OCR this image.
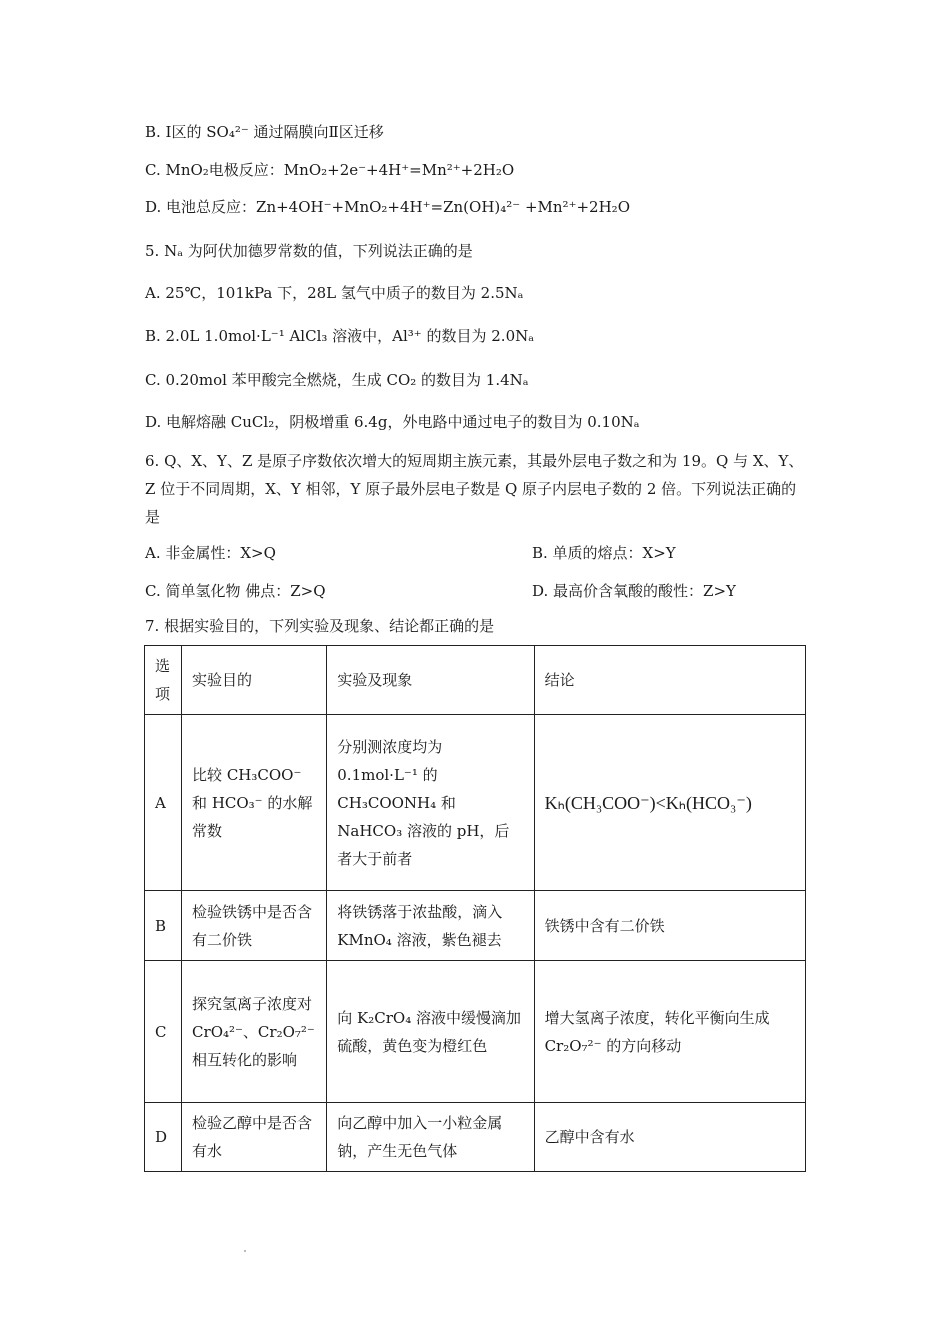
B. Ⅰ区的 SO₄²⁻ 通过隔膜向Ⅱ区迁移
C. MnO₂电极反应：MnO₂+2e⁻+4H⁺=Mn²⁺+2H₂O
D. 电池总反应：Zn+4OH⁻+MnO₂+4H⁺=Zn(OH)₄²⁻ +Mn²⁺+2H₂O
5. Nₐ 为阿伏加德罗常数的值，下列说法正确的是
A. 25℃，101kPa 下，28L 氢气中质子的数目为 2.5Nₐ
B. 2.0L 1.0mol·L⁻¹ AlCl₃ 溶液中，Al³⁺ 的数目为 2.0Nₐ
C. 0.20mol 苯甲酸完全燃烧，生成 CO₂ 的数目为 1.4Nₐ
D. 电解熔融 CuCl₂，阴极增重 6.4g，外电路中通过电子的数目为 0.10Nₐ
6. Q、X、Y、Z 是原子序数依次增大的短周期主族元素，其最外层电子数之和为 19。Q 与 X、Y、Z 位于不同周期，X、Y 相邻，Y 原子最外层电子数是 Q 原子内层电子数的 2 倍。下列说法正确的是
A. 非金属性：X>Q	B. 单质的熔点：X>Y
C. 简单氢化物 佛点：Z>Q	D. 最高价含氧酸的酸性：Z>Y
7. 根据实验目的，下列实验及现象、结论都正确的是
选项	实验目的	实验及现象	结论
A	比较 CH₃COO⁻ 和 HCO₃⁻ 的水解常数	分别测浓度均为 0.1mol·L⁻¹ 的 CH₃COONH₄ 和 NaHCO₃ 溶液的 pH，后者大于前者	Kₕ(CH₃COO⁻)<Kₕ(HCO₃⁻)
B	检验铁锈中是否含有二价铁	将铁锈落于浓盐酸，滴入 KMnO₄ 溶液，紫色褪去	铁锈中含有二价铁
C	探究氢离子浓度对 CrO₄²⁻、Cr₂O₇²⁻ 相互转化的影响	向 K₂CrO₄ 溶液中缓慢滴加硫酸，黄色变为橙红色	增大氢离子浓度，转化平衡向生成 Cr₂O₇²⁻ 的方向移动
D	检验乙醇中是否含有水	向乙醇中加入一小粒金属钠，产生无色气体	乙醇中含有水
